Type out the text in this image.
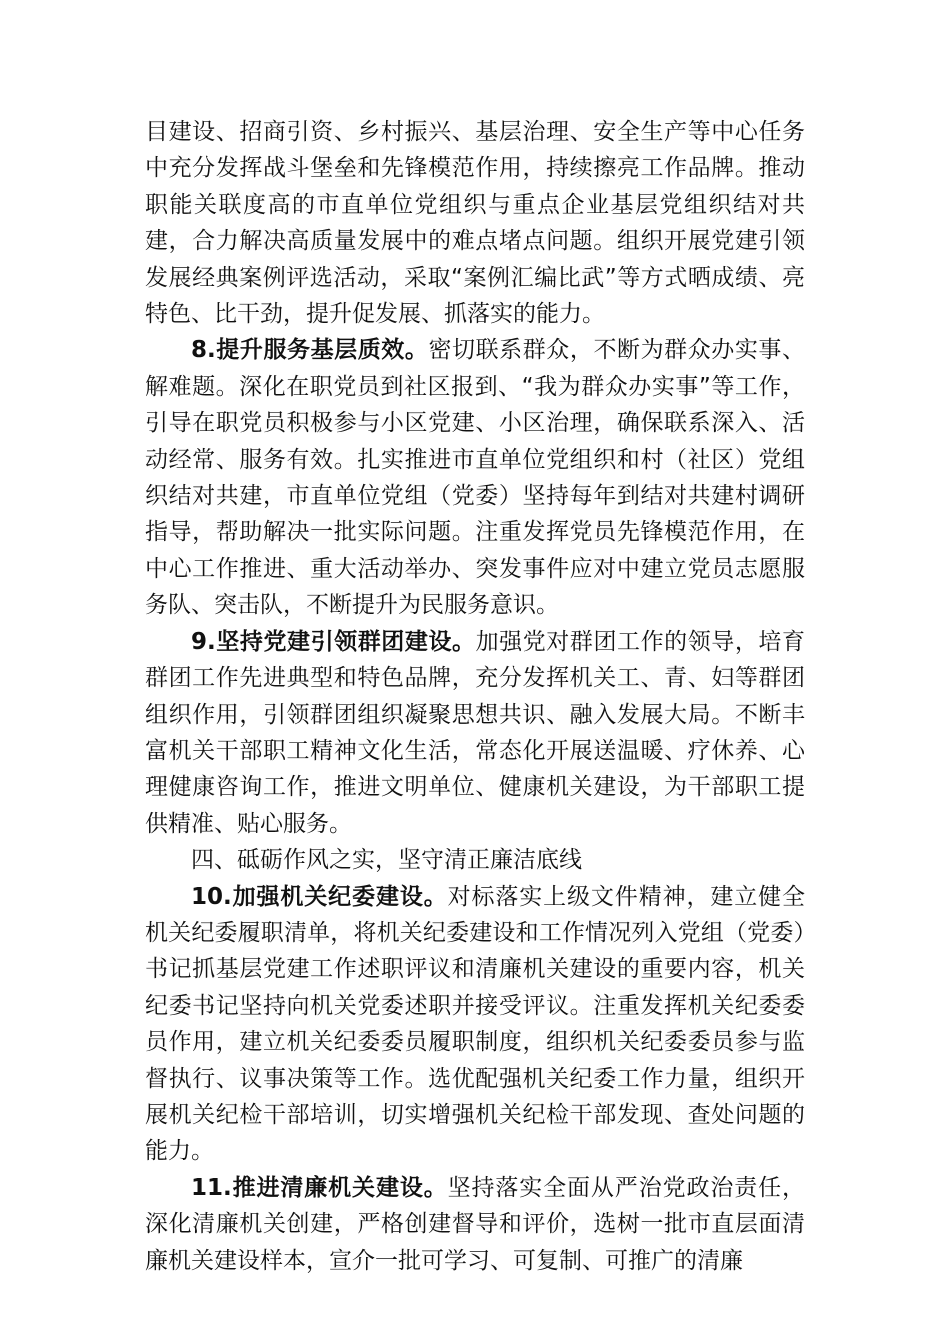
目建设、招商引资、乡村振兴、基层治理、安全生产等中心任务中充分发挥战斗堡垒和先锋模范作用，持续擦亮工作品牌。推动职能关联度高的市直单位党组织与重点企业基层党组织结对共建，合力解决高质量发展中的难点堵点问题。组织开展党建引领发展经典案例评选活动，采取“案例汇编比武”等方式晒成绩、亮特色、比干劲，提升促发展、抓落实的能力。

8.提升服务基层质效。密切联系群众，不断为群众办实事、解难题。深化在职党员到社区报到、“我为群众办实事”等工作，引导在职党员积极参与小区党建、小区治理，确保联系深入、活动经常、服务有效。扎实推进市直单位党组织和村（社区）党组织结对共建，市直单位党组（党委）坚持每年到结对共建村调研指导，帮助解决一批实际问题。注重发挥党员先锋模范作用，在中心工作推进、重大活动举办、突发事件应对中建立党员志愿服务队、突击队，不断提升为民服务意识。

9.坚持党建引领群团建设。加强党对群团工作的领导，培育群团工作先进典型和特色品牌，充分发挥机关工、青、妇等群团组织作用，引领群团组织凝聚思想共识、融入发展大局。不断丰富机关干部职工精神文化生活，常态化开展送温暖、疗休养、心理健康咨询工作，推进文明单位、健康机关建设，为干部职工提供精准、贴心服务。

四、砥砺作风之实，坚守清正廉洁底线

10.加强机关纪委建设。对标落实上级文件精神，建立健全机关纪委履职清单，将机关纪委建设和工作情况列入党组（党委）书记抓基层党建工作述职评议和清廉机关建设的重要内容，机关纪委书记坚持向机关党委述职并接受评议。注重发挥机关纪委委员作用，建立机关纪委委员履职制度，组织机关纪委委员参与监督执行、议事决策等工作。选优配强机关纪委工作力量，组织开展机关纪检干部培训，切实增强机关纪检干部发现、查处问题的能力。

11.推进清廉机关建设。坚持落实全面从严治党政治责任，深化清廉机关创建，严格创建督导和评价，选树一批市直层面清廉机关建设样本，宣介一批可学习、可复制、可推广的清廉
